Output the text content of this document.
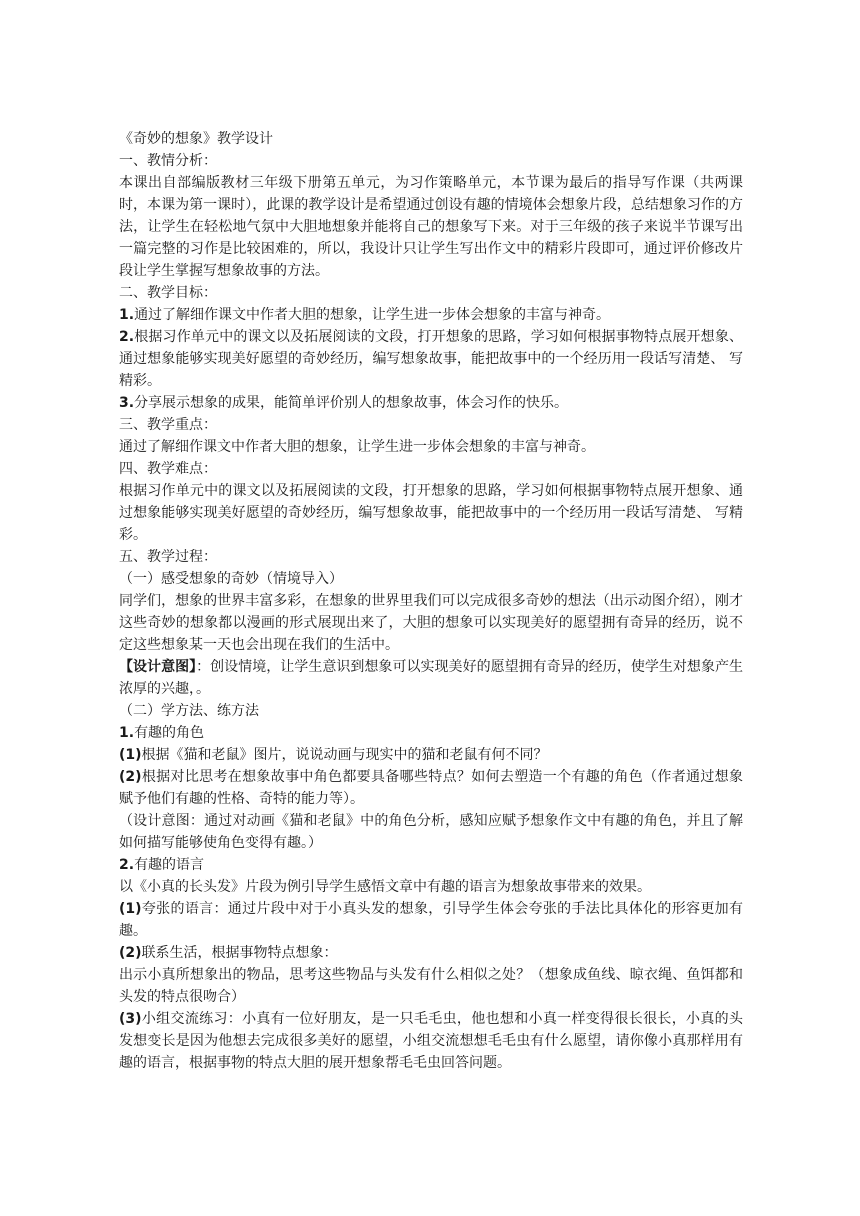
《奇妙的想象》教学设计

一、教情分析：

本课出自部编版教材三年级下册第五单元，为习作策略单元，本节课为最后的指导写作课（共两课时，本课为第一课时），此课的教学设计是希望通过创设有趣的情境体会想象片段，总结想象习作的方法，让学生在轻松地气氛中大胆地想象并能将自己的想象写下来。对于三年级的孩子来说半节课写出一篇完整的习作是比较困难的，所以，我设计只让学生写出作文中的精彩片段即可，通过评价修改片段让学生掌握写想象故事的方法。

二、教学目标：

1.通过了解细作课文中作者大胆的想象，让学生进一步体会想象的丰富与神奇。

2.根据习作单元中的课文以及拓展阅读的文段，打开想象的思路，学习如何根据事物特点展开想象、通过想象能够实现美好愿望的奇妙经历，编写想象故事，能把故事中的一个经历用一段话写清楚、 写精彩。

3.分享展示想象的成果，能简单评价别人的想象故事，体会习作的快乐。

三、教学重点：

通过了解细作课文中作者大胆的想象，让学生进一步体会想象的丰富与神奇。

四、教学难点：

根据习作单元中的课文以及拓展阅读的文段，打开想象的思路，学习如何根据事物特点展开想象、通过想象能够实现美好愿望的奇妙经历，编写想象故事，能把故事中的一个经历用一段话写清楚、 写精彩。

五、教学过程：

（一）感受想象的奇妙（情境导入）

同学们，想象的世界丰富多彩，在想象的世界里我们可以完成很多奇妙的想法（出示动图介绍），刚才这些奇妙的想象都以漫画的形式展现出来了，大胆的想象可以实现美好的愿望拥有奇异的经历，说不定这些想象某一天也会出现在我们的生活中。

【设计意图】：创设情境，让学生意识到想象可以实现美好的愿望拥有奇异的经历，使学生对想象产生浓厚的兴趣，。

（二）学方法、练方法

1.有趣的角色

(1)根据《猫和老鼠》图片，说说动画与现实中的猫和老鼠有何不同？

(2)根据对比思考在想象故事中角色都要具备哪些特点？如何去塑造一个有趣的角色（作者通过想象赋予他们有趣的性格、奇特的能力等）。

（设计意图：通过对动画《猫和老鼠》中的角色分析，感知应赋予想象作文中有趣的角色，并且了解如何描写能够使角色变得有趣。）

2.有趣的语言

以《小真的长头发》片段为例引导学生感悟文章中有趣的语言为想象故事带来的效果。

(1)夸张的语言：通过片段中对于小真头发的想象，引导学生体会夸张的手法比具体化的形容更加有趣。

(2)联系生活，根据事物特点想象：

出示小真所想象出的物品，思考这些物品与头发有什么相似之处？（想象成鱼线、晾衣绳、鱼饵都和头发的特点很吻合）

(3)小组交流练习：小真有一位好朋友，是一只毛毛虫，他也想和小真一样变得很长很长，小真的头发想变长是因为他想去完成很多美好的愿望，小组交流想想毛毛虫有什么愿望，请你像小真那样用有趣的语言，根据事物的特点大胆的展开想象帮毛毛虫回答问题。
